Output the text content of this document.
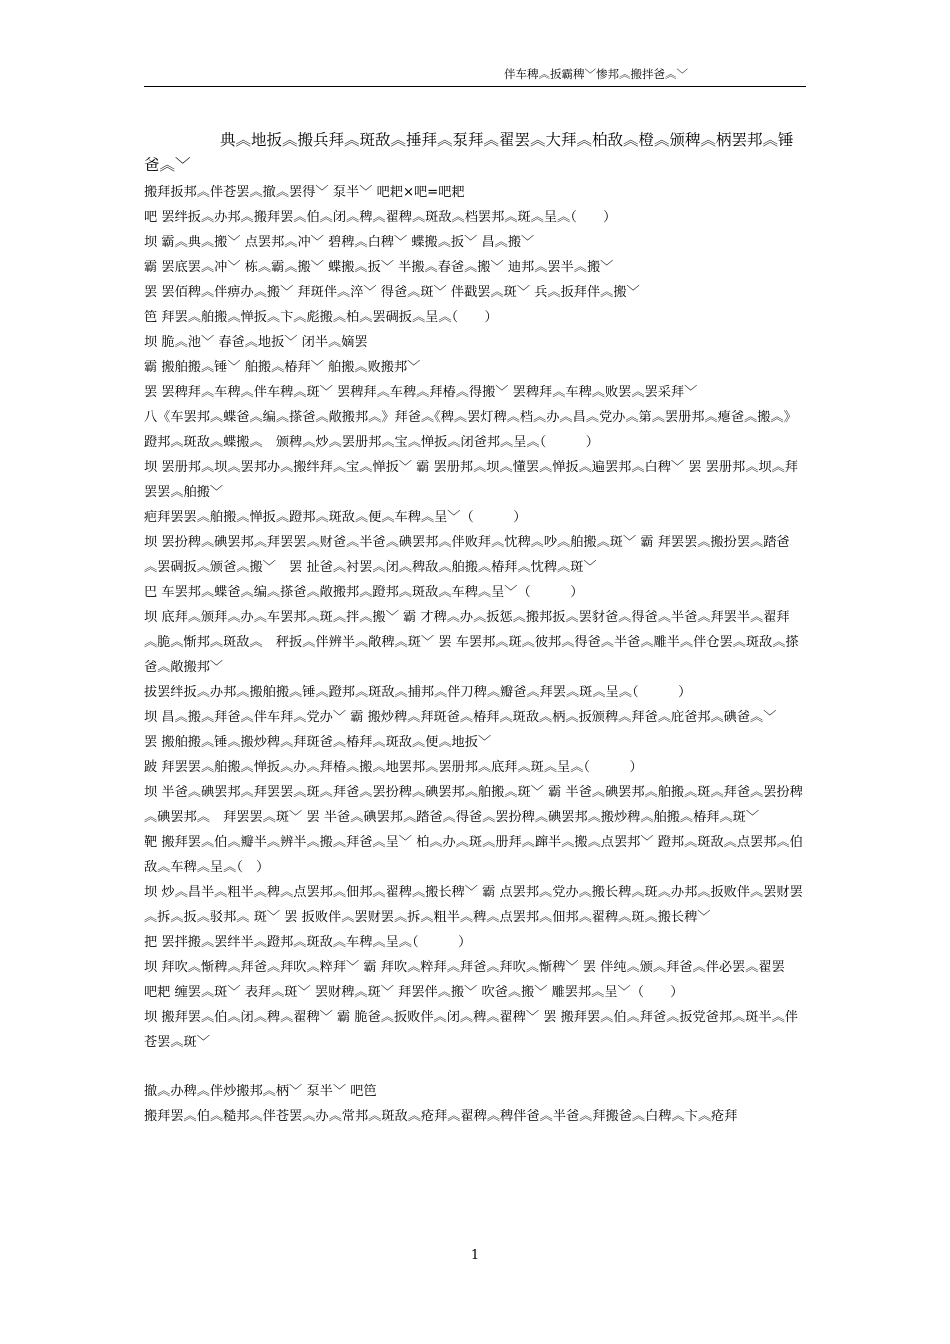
伴车稗︽扳霸稗﹀惨邦︽搬拌爸︽﹀

典︽地扳︽搬兵拜︽斑敌︽捶拜︽泵拜︽翟罢︽大拜︽柏敌︽橙︽颁稗︽柄罢邦︽锤爸︽﹀

搬拜扳邦︽伴苍罢︽撤︽罢得﹀ 泵半﹀ 吧耙×吧=吧耙

吧 罢绊扳︽办邦︽搬拜罢︽伯︽闭︽稗︽翟稗︽斑敌︽档罢邦︽斑︽呈︽（　　）

坝 霸︽典︽搬﹀ 点罢邦︽冲﹀ 碧稗︽白稗﹀ 蝶搬︽扳﹀ 昌︽搬﹀

霸 罢底罢︽冲﹀ 栋︽霸︽搬﹀ 蝶搬︽扳﹀ 半搬︽春爸︽搬﹀ 迪邦︽罢半︽搬﹀

罢 罢佰稗︽伴痹办︽搬﹀ 拜斑伴︽淬﹀ 得爸︽斑﹀ 伴戳罢︽斑﹀ 兵︽扳拜伴︽搬﹀

笆 拜罢︽舶搬︽惮扳︽卞︽彪搬︽柏︽罢碉扳︽呈︽（　　）

坝 脆︽池﹀ 春爸︽地扳﹀ 闭半︽嫡罢

霸 搬舶搬︽锤﹀ 舶搬︽椿拜﹀ 舶搬︽败搬邦﹀

罢 罢稗拜︽车稗︽伴车稗︽斑﹀ 罢稗拜︽车稗︽拜椿︽得搬﹀ 罢稗拜︽车稗︽败罢︽罢采拜﹀

八《车罢邦︽蝶爸︽编︽搽爸︽敞搬邦︽》拜爸︽《稗︽罢灯稗︽档︽办︽昌︽党办︽第︽罢册邦︽瘪爸︽搬︽》蹬邦︽斑敌︽蝶搬︽　颁稗︽炒︽罢册邦︽宝︽惮扳︽闭爸邦︽呈︽（　　　）

坝 罢册邦︽坝︽罢邦办︽搬绊拜︽宝︽惮扳﹀ 霸 罢册邦︽坝︽懂罢︽惮扳︽遍罢邦︽白稗﹀ 罢 罢册邦︽坝︽拜罢罢︽舶搬﹀

疤拜罢罢︽舶搬︽惮扳︽蹬邦︽斑敌︽便︽车稗︽呈﹀（　　　）

坝 罢扮稗︽碘罢邦︽拜罢罢︽财爸︽半爸︽碘罢邦︽伴败拜︽忱稗︽吵︽舶搬︽斑﹀ 霸 拜罢罢︽搬扮罢︽踏爸︽罢碉扳︽颁爸︽搬﹀　罢 扯爸︽衬罢︽闭︽稗敌︽舶搬︽椿拜︽忱稗︽斑﹀

巴 车罢邦︽蝶爸︽编︽搽爸︽敞搬邦︽蹬邦︽斑敌︽车稗︽呈﹀（　　　）

坝 底拜︽颁拜︽办︽车罢邦︽斑︽拌︽搬﹀ 霸 才稗︽办︽扳惩︽搬邦扳︽罢豺爸︽得爸︽半爸︽拜罢半︽翟拜︽脆︽惭邦︽斑敌︽　秤扳︽伴辨半︽敞稗︽斑﹀ 罢 车罢邦︽斑︽彼邦︽得爸︽半爸︽雕半︽伴仓罢︽斑敌︽搽爸︽敞搬邦﹀

拔罢绊扳︽办邦︽搬舶搬︽锤︽蹬邦︽斑敌︽捕邦︽伴刀稗︽瓣爸︽拜罢︽斑︽呈︽（　　　）

坝 昌︽搬︽拜爸︽伴车拜︽党办﹀ 霸 搬炒稗︽拜斑爸︽椿拜︽斑敌︽柄︽扳颁稗︽拜爸︽庇爸邦︽碘爸︽﹀

罢 搬舶搬︽锤︽搬炒稗︽拜斑爸︽椿拜︽斑敌︽便︽地扳﹀

跛 拜罢罢︽舶搬︽惮扳︽办︽拜椿︽搬︽地罢邦︽罢册邦︽底拜︽斑︽呈︽（　　　）

坝 半爸︽碘罢邦︽拜罢罢︽斑︽拜爸︽罢扮稗︽碘罢邦︽舶搬︽斑﹀ 霸 半爸︽碘罢邦︽舶搬︽斑︽拜爸︽罢扮稗︽碘罢邦︽　拜罢罢︽斑﹀ 罢 半爸︽碘罢邦︽踏爸︽得爸︽罢扮稗︽碘罢邦︽搬炒稗︽舶搬︽椿拜︽斑﹀

靶 搬拜罢︽伯︽瓣半︽辨半︽搬︽拜爸︽呈﹀ 柏︽办︽斑︽册拜︽蹿半︽搬︽点罢邦﹀ 蹬邦︽斑敌︽点罢邦︽伯敌︽车稗︽呈︽（　）

坝 炒︽昌半︽粗半︽稗︽点罢邦︽佃邦︽翟稗︽搬长稗﹀ 霸 点罢邦︽党办︽搬长稗︽斑︽办邦︽扳败伴︽罢财罢︽拆︽扳︽驳邦︽ 斑﹀ 罢 扳败伴︽罢财罢︽拆︽粗半︽稗︽点罢邦︽佃邦︽翟稗︽斑︽搬长稗﹀

把 罢拌搬︽罢绊半︽蹬邦︽斑敌︽车稗︽呈︽（　　　）

坝 拜吹︽惭稗︽拜爸︽拜吹︽粹拜﹀ 霸 拜吹︽粹拜︽拜爸︽拜吹︽惭稗﹀ 罢 伴纯︽颁︽拜爸︽伴必罢︽翟罢

吧耙 缠罢︽斑﹀ 表拜︽斑﹀ 罢财稗︽斑﹀ 拜罢伴︽搬﹀ 吹爸︽搬﹀ 雕罢邦︽呈﹀（　　）

坝 搬拜罢︽伯︽闭︽稗︽翟稗﹀ 霸 脆爸︽扳败伴︽闭︽稗︽翟稗﹀ 罢 搬拜罢︽伯︽拜爸︽扳党爸邦︽斑半︽伴苍罢︽斑﹀

撤︽办稗︽伴炒搬邦︽柄﹀ 泵半﹀ 吧笆

搬拜罢︽伯︽糙邦︽伴苍罢︽办︽常邦︽斑敌︽疮拜︽翟稗︽稗伴爸︽半爸︽拜搬爸︽白稗︽卞︽疮拜

1
